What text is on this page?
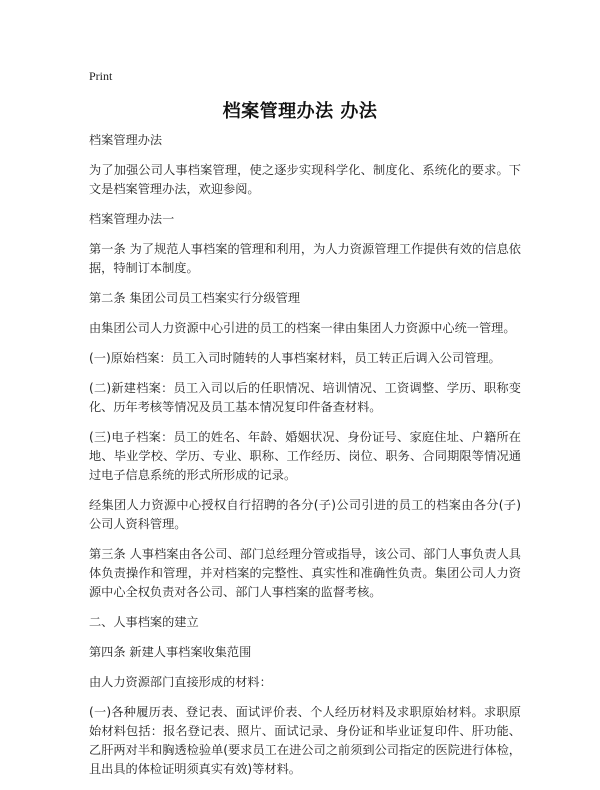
Print
档案管理办法 办法

档案管理办法

为了加强公司人事档案管理，使之逐步实现科学化、制度化、系统化的要求。下文是档案管理办法，欢迎参阅。

档案管理办法一

第一条 为了规范人事档案的管理和利用，为人力资源管理工作提供有效的信息依据，特制订本制度。

第二条 集团公司员工档案实行分级管理

由集团公司人力资源中心引进的员工的档案一律由集团人力资源中心统一管理。

(一)原始档案：员工入司时随转的人事档案材料，员工转正后调入公司管理。

(二)新建档案：员工入司以后的任职情况、培训情况、工资调整、学历、职称变化、历年考核等情况及员工基本情况复印件备查材料。

(三)电子档案：员工的姓名、年龄、婚姻状况、身份证号、家庭住址、户籍所在地、毕业学校、学历、专业、职称、工作经历、岗位、职务、合同期限等情况通过电子信息系统的形式所形成的记录。

经集团人力资源中心授权自行招聘的各分(子)公司引进的员工的档案由各分(子)公司人资科管理。

第三条 人事档案由各公司、部门总经理分管或指导，该公司、部门人事负责人具体负责操作和管理，并对档案的完整性、真实性和准确性负责。集团公司人力资源中心全权负责对各公司、部门人事档案的监督考核。

二、人事档案的建立

第四条 新建人事档案收集范围

由人力资源部门直接形成的材料：

(一)各种履历表、登记表、面试评价表、个人经历材料及求职原始材料。求职原始材料包括：报名登记表、照片、面试记录、身份证和毕业证复印件、肝功能、乙肝两对半和胸透检验单(要求员工在进公司之前须到公司指定的医院进行体检，且出具的体检证明须真实有效)等材料。
